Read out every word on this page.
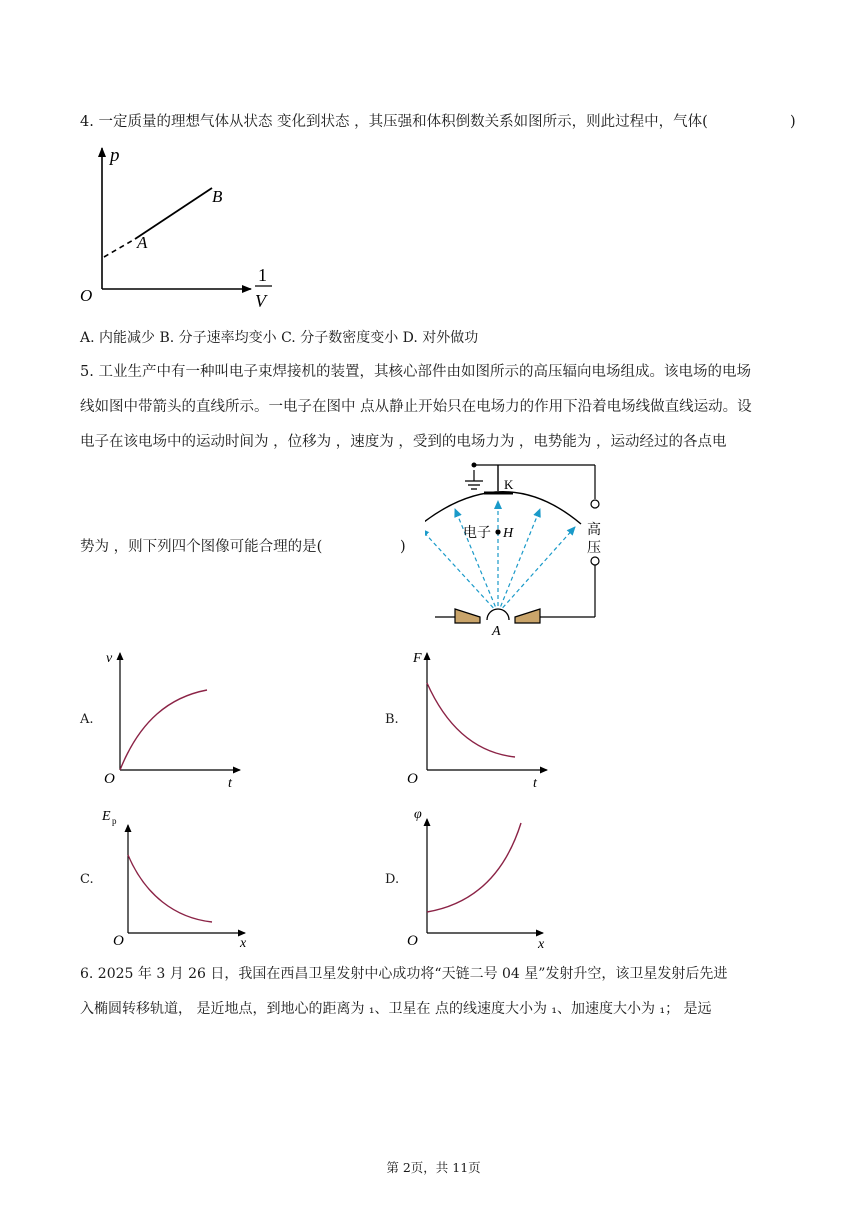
4. 一定质量的理想气体从状态 变化到状态 ，其压强和体积倒数关系如图所示，则此过程中，气体(	)
p
O
1
V
A
B
A. 内能减少 B. 分子速率均变小 C. 分子数密度变小 D. 对外做功
5. 工业生产中有一种叫电子束焊接机的装置，其核心部件由如图所示的高压辐向电场组成。该电场的电场
线如图中带箭头的直线所示。一电子在图中 点从静止开始只在电场力的作用下沿着电场线做直线运动。设
电子在该电场中的运动时间为 ，位移为 ，速度为 ，受到的电场力为 ，电势能为 ，运动经过的各点电
势为 ，则下列四个图像可能合理的是(	)
K
电子 H	高
压
A
A.
v
t
O
B.
F
t
O
C.
E p
x
O
D.
φ
x
O
6. 2025 年 3 月 26 日，我国在西昌卫星发射中心成功将“天链二号 04 星”发射升空，该卫星发射后先进
入椭圆转移轨道， 是近地点，到地心的距离为 ₁、卫星在 点的线速度大小为 ₁、加速度大小为 ₁； 是远
第 2页，共 11页
